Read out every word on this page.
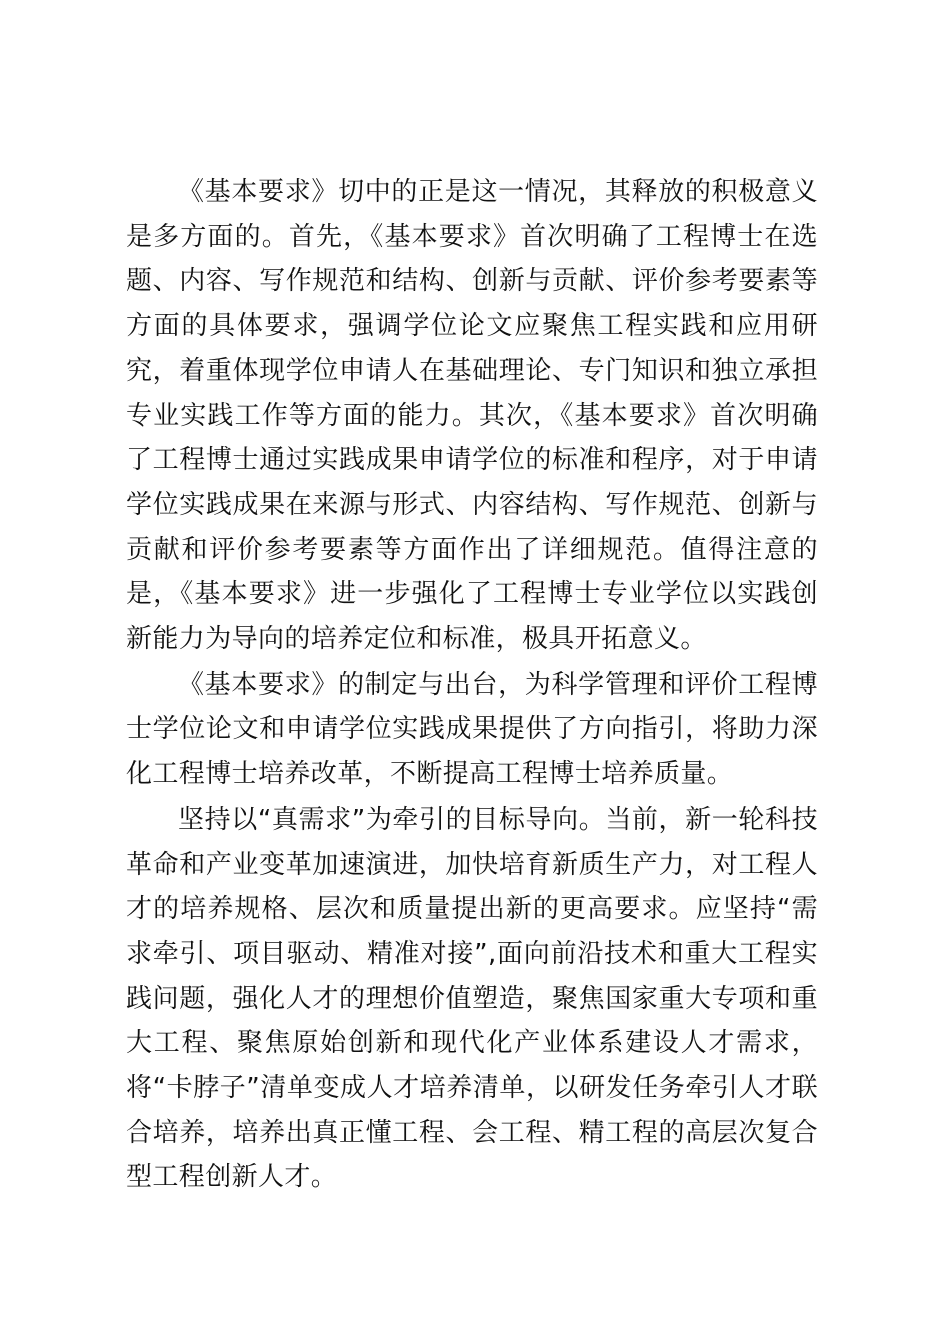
《基本要求》切中的正是这一情况，其释放的积极意义是多方面的。首先，《基本要求》首次明确了工程博士在选题、内容、写作规范和结构、创新与贡献、评价参考要素等方面的具体要求，强调学位论文应聚焦工程实践和应用研究，着重体现学位申请人在基础理论、专门知识和独立承担专业实践工作等方面的能力。其次，《基本要求》首次明确了工程博士通过实践成果申请学位的标准和程序，对于申请学位实践成果在来源与形式、内容结构、写作规范、创新与贡献和评价参考要素等方面作出了详细规范。值得注意的是，《基本要求》进一步强化了工程博士专业学位以实践创新能力为导向的培养定位和标准，极具开拓意义。

《基本要求》的制定与出台，为科学管理和评价工程博士学位论文和申请学位实践成果提供了方向指引，将助力深化工程博士培养改革，不断提高工程博士培养质量。

坚持以“真需求”为牵引的目标导向。当前，新一轮科技革命和产业变革加速演进，加快培育新质生产力，对工程人才的培养规格、层次和质量提出新的更高要求。应坚持“需求牵引、项目驱动、精准对接”,面向前沿技术和重大工程实践问题，强化人才的理想价值塑造，聚焦国家重大专项和重大工程、聚焦原始创新和现代化产业体系建设人才需求，将“卡脖子”清单变成人才培养清单，以研发任务牵引人才联合培养，培养出真正懂工程、会工程、精工程的高层次复合型工程创新人才。
